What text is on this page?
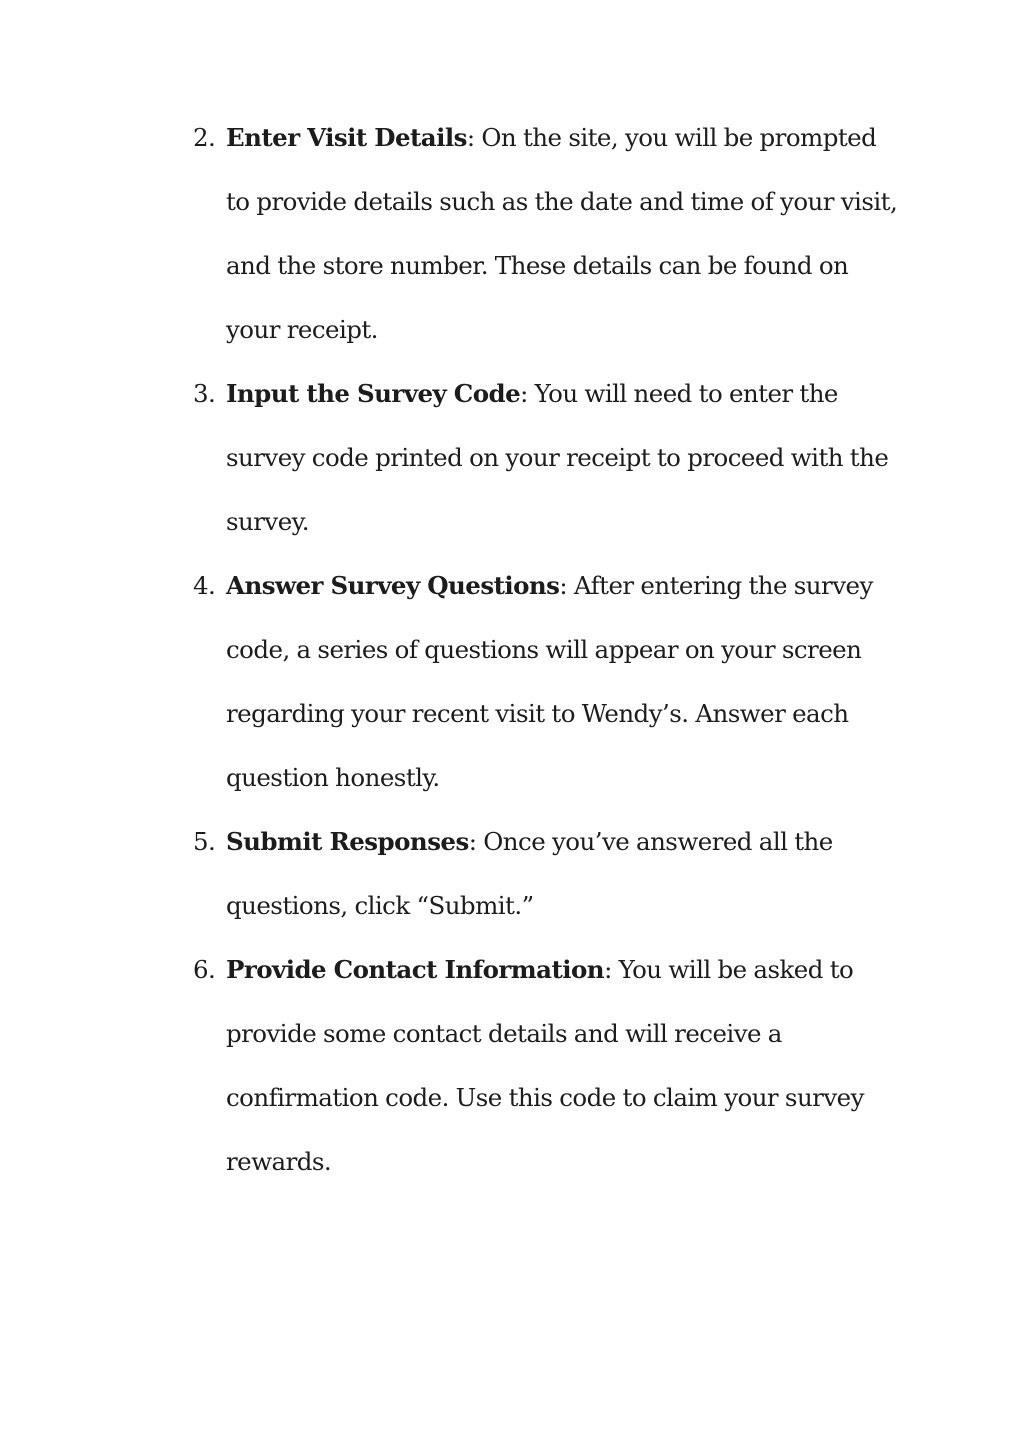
2. Enter Visit Details: On the site, you will be prompted to provide details such as the date and time of your visit, and the store number. These details can be found on your receipt.
3. Input the Survey Code: You will need to enter the survey code printed on your receipt to proceed with the survey.
4. Answer Survey Questions: After entering the survey code, a series of questions will appear on your screen regarding your recent visit to Wendy’s. Answer each question honestly.
5. Submit Responses: Once you’ve answered all the questions, click “Submit.”
6. Provide Contact Information: You will be asked to provide some contact details and will receive a confirmation code. Use this code to claim your survey rewards.
